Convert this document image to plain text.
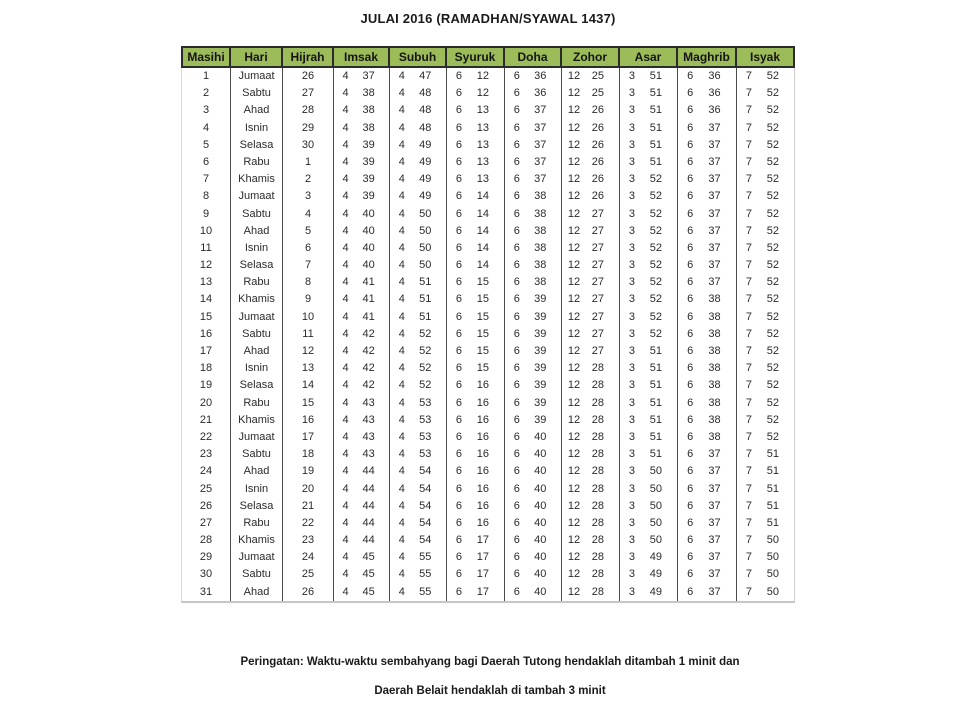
JULAI 2016 (RAMADHAN/SYAWAL 1437)
Masihi	Hari	Hijrah	Imsak	Subuh	Syuruk	Doha	Zohor	Asar	Maghrib	Isyak
1	Jumaat	26	4	37	4	47	6	12	6	36	12	25	3	51	6	36	7	52
2	Sabtu	27	4	38	4	48	6	12	6	36	12	25	3	51	6	36	7	52
3	Ahad	28	4	38	4	48	6	13	6	37	12	26	3	51	6	36	7	52
4	Isnin	29	4	38	4	48	6	13	6	37	12	26	3	51	6	37	7	52
5	Selasa	30	4	39	4	49	6	13	6	37	12	26	3	51	6	37	7	52
6	Rabu	1	4	39	4	49	6	13	6	37	12	26	3	51	6	37	7	52
7	Khamis	2	4	39	4	49	6	13	6	37	12	26	3	52	6	37	7	52
8	Jumaat	3	4	39	4	49	6	14	6	38	12	26	3	52	6	37	7	52
9	Sabtu	4	4	40	4	50	6	14	6	38	12	27	3	52	6	37	7	52
10	Ahad	5	4	40	4	50	6	14	6	38	12	27	3	52	6	37	7	52
11	Isnin	6	4	40	4	50	6	14	6	38	12	27	3	52	6	37	7	52
12	Selasa	7	4	40	4	50	6	14	6	38	12	27	3	52	6	37	7	52
13	Rabu	8	4	41	4	51	6	15	6	38	12	27	3	52	6	37	7	52
14	Khamis	9	4	41	4	51	6	15	6	39	12	27	3	52	6	38	7	52
15	Jumaat	10	4	41	4	51	6	15	6	39	12	27	3	52	6	38	7	52
16	Sabtu	11	4	42	4	52	6	15	6	39	12	27	3	52	6	38	7	52
17	Ahad	12	4	42	4	52	6	15	6	39	12	27	3	51	6	38	7	52
18	Isnin	13	4	42	4	52	6	15	6	39	12	28	3	51	6	38	7	52
19	Selasa	14	4	42	4	52	6	16	6	39	12	28	3	51	6	38	7	52
20	Rabu	15	4	43	4	53	6	16	6	39	12	28	3	51	6	38	7	52
21	Khamis	16	4	43	4	53	6	16	6	39	12	28	3	51	6	38	7	52
22	Jumaat	17	4	43	4	53	6	16	6	40	12	28	3	51	6	38	7	52
23	Sabtu	18	4	43	4	53	6	16	6	40	12	28	3	51	6	37	7	51
24	Ahad	19	4	44	4	54	6	16	6	40	12	28	3	50	6	37	7	51
25	Isnin	20	4	44	4	54	6	16	6	40	12	28	3	50	6	37	7	51
26	Selasa	21	4	44	4	54	6	16	6	40	12	28	3	50	6	37	7	51
27	Rabu	22	4	44	4	54	6	16	6	40	12	28	3	50	6	37	7	51
28	Khamis	23	4	44	4	54	6	17	6	40	12	28	3	50	6	37	7	50
29	Jumaat	24	4	45	4	55	6	17	6	40	12	28	3	49	6	37	7	50
30	Sabtu	25	4	45	4	55	6	17	6	40	12	28	3	49	6	37	7	50
31	Ahad	26	4	45	4	55	6	17	6	40	12	28	3	49	6	37	7	50
Peringatan: Waktu-waktu sembahyang bagi Daerah Tutong hendaklah ditambah 1 minit dan
Daerah Belait hendaklah di tambah 3 minit
